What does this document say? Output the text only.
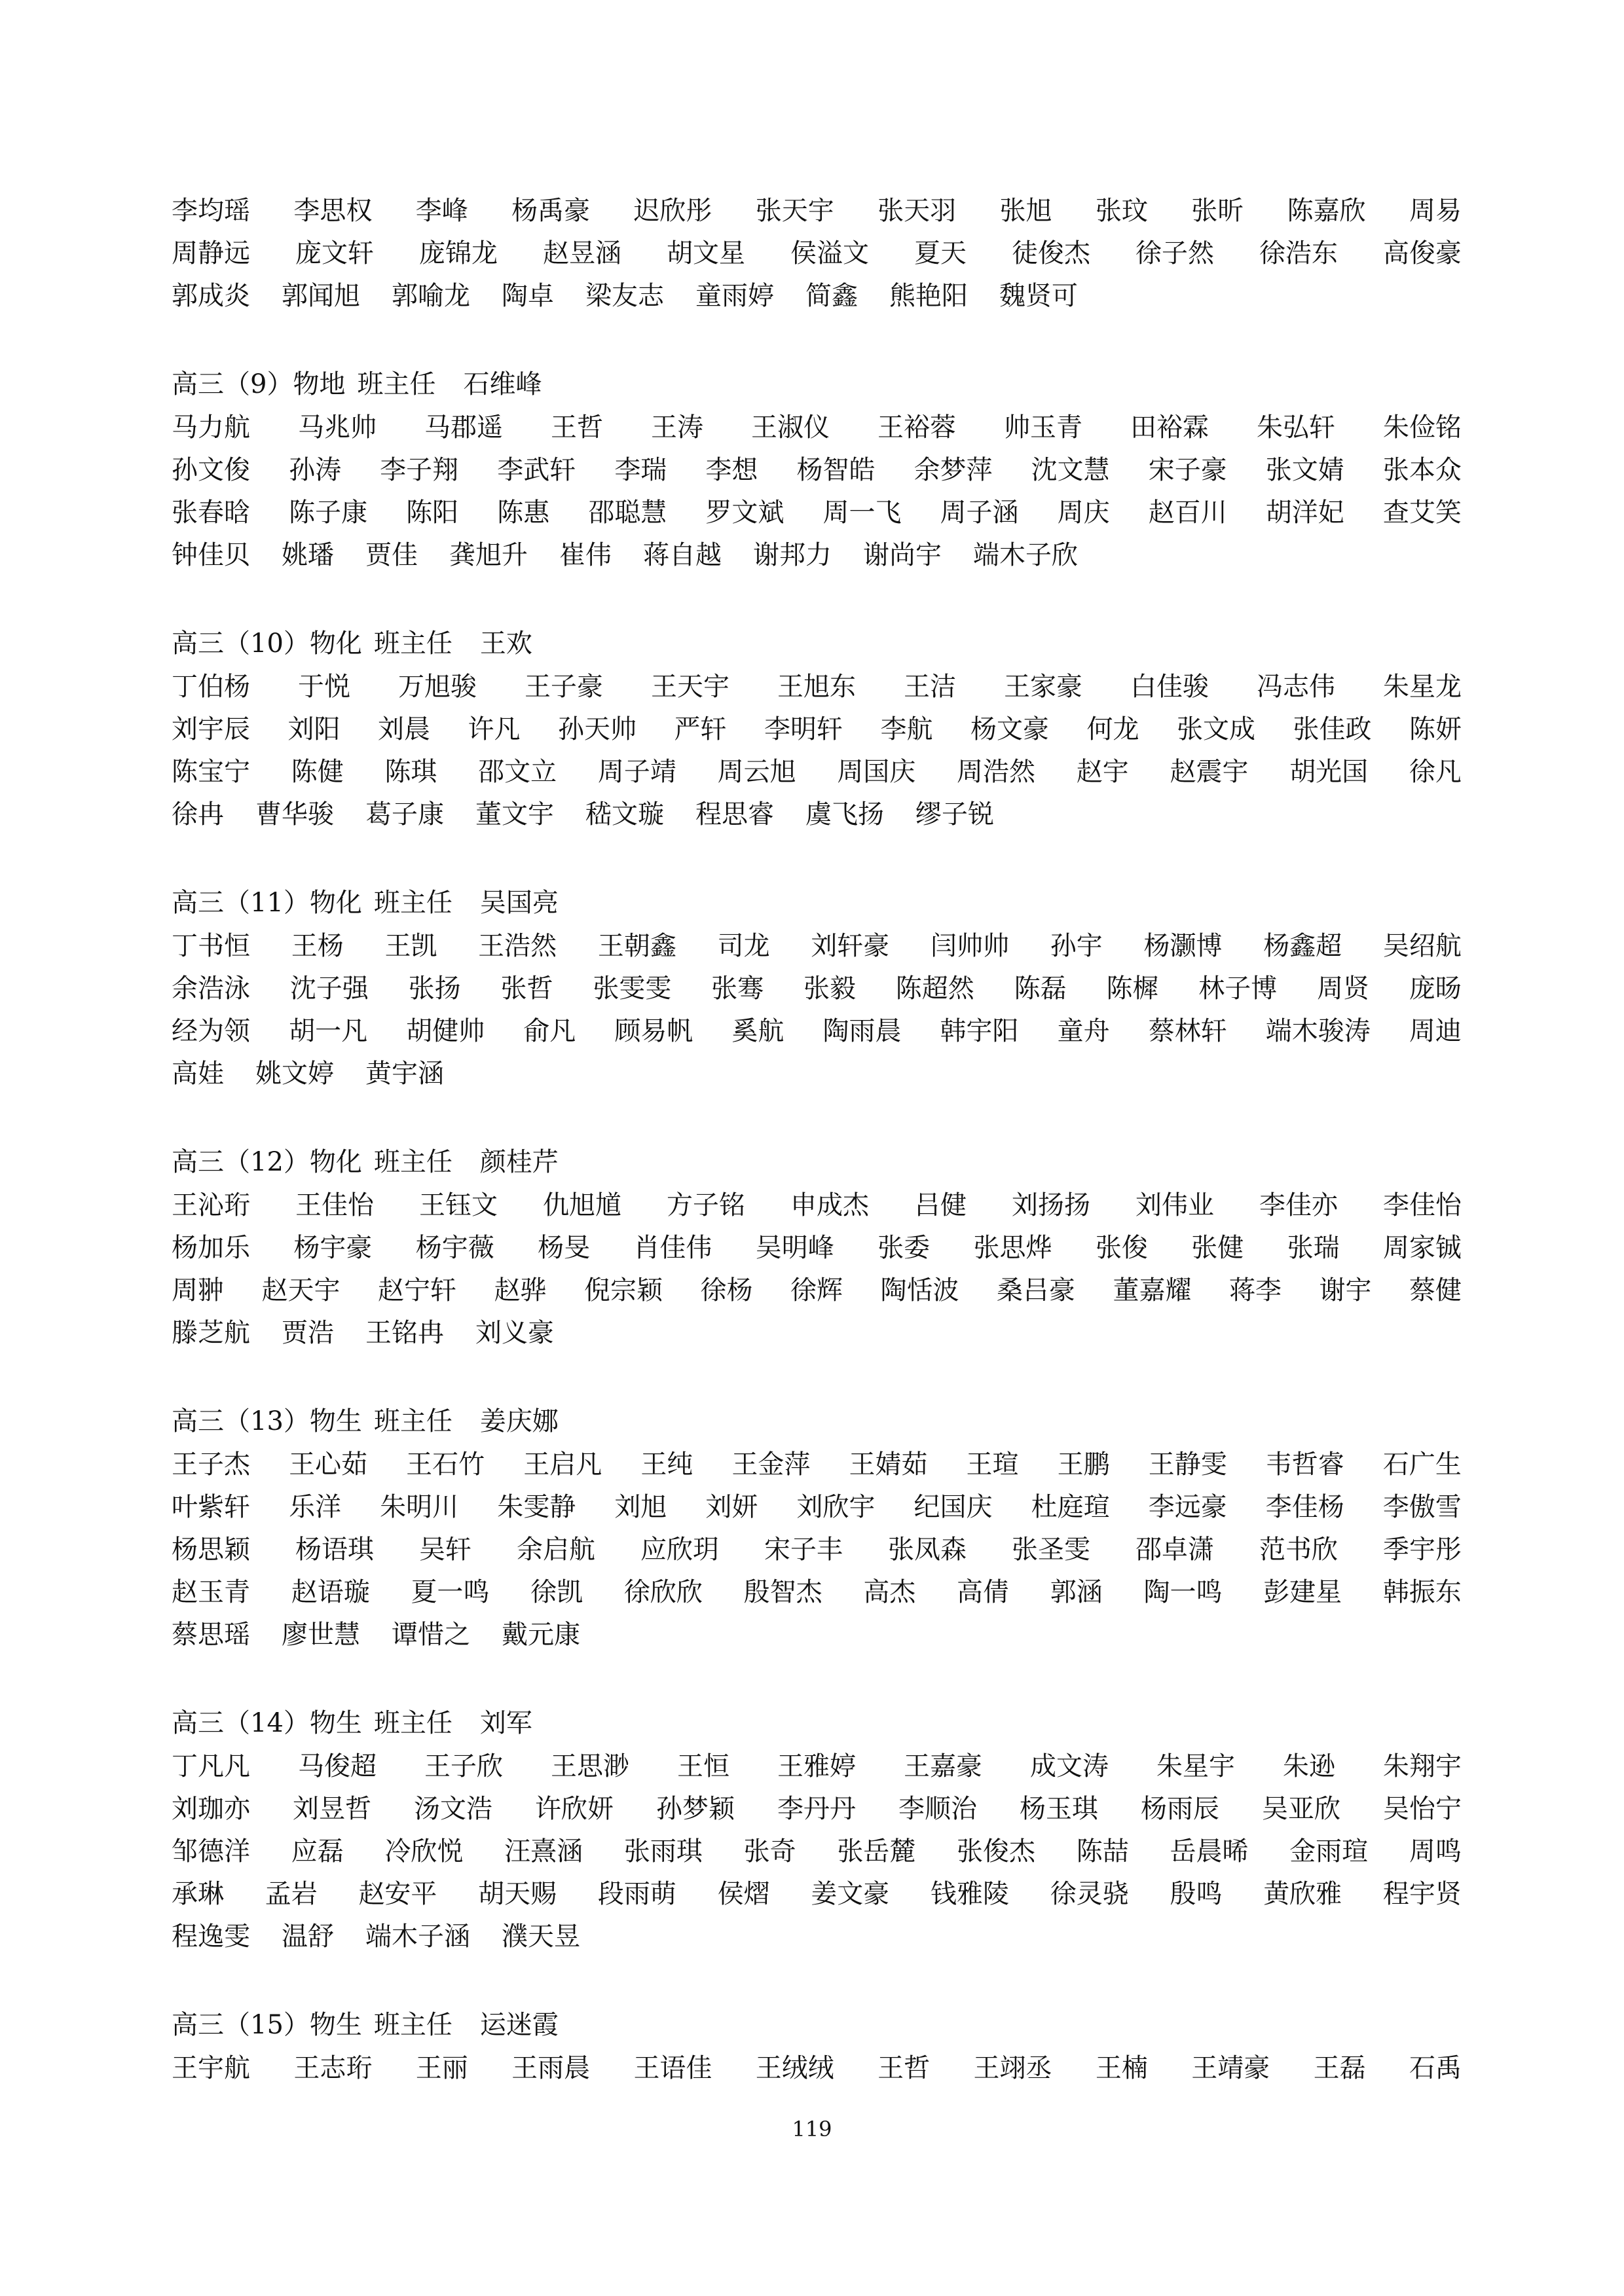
李均瑶 李思权 李峰 杨禹豪 迟欣彤 张天宇 张天羽 张旭 张玟 张昕 陈嘉欣 周易
周静远 庞文轩 庞锦龙 赵昱涵 胡文星 侯溢文 夏天 徒俊杰 徐子然 徐浩东 高俊豪
郭成炎 郭闻旭 郭喻龙 陶卓 梁友志 童雨婷 简鑫 熊艳阳 魏贤可
高三（9）物地 班主任 石维峰
马力航 马兆帅 马郡遥 王哲 王涛 王淑仪 王裕蓉 帅玉青 田裕霖 朱弘轩 朱俭铭
孙文俊 孙涛 李子翔 李武轩 李瑞 李想 杨智皓 余梦萍 沈文慧 宋子豪 张文婧 张本众
张春晗 陈子康 陈阳 陈惠 邵聪慧 罗文斌 周一飞 周子涵 周庆 赵百川 胡洋妃 查艾笑
钟佳贝 姚璠 贾佳 龚旭升 崔伟 蒋自越 谢邦力 谢尚宇 端木子欣
高三（10）物化 班主任 王欢
丁伯杨 于悦 万旭骏 王子豪 王天宇 王旭东 王洁 王家豪 白佳骏 冯志伟 朱星龙
刘宇辰 刘阳 刘晨 许凡 孙天帅 严轩 李明轩 李航 杨文豪 何龙 张文成 张佳政 陈妍
陈宝宁 陈健 陈琪 邵文立 周子靖 周云旭 周国庆 周浩然 赵宇 赵震宇 胡光国 徐凡
徐冉 曹华骏 葛子康 董文宇 嵇文璇 程思睿 虞飞扬 缪子锐
高三（11）物化 班主任 吴国亮
丁书恒 王杨 王凯 王浩然 王朝鑫 司龙 刘轩豪 闫帅帅 孙宇 杨灏博 杨鑫超 吴绍航
余浩泳 沈子强 张扬 张哲 张雯雯 张骞 张毅 陈超然 陈磊 陈樨 林子博 周贤 庞旸
经为领 胡一凡 胡健帅 俞凡 顾易帆 奚航 陶雨晨 韩宇阳 童舟 蔡林轩 端木骏涛 周迪
高娃 姚文婷 黄宇涵
高三（12）物化 班主任 颜桂芹
王沁珩 王佳怡 王钰文 仇旭馗 方子铭 申成杰 吕健 刘扬扬 刘伟业 李佳亦 李佳怡
杨加乐 杨宇豪 杨宇薇 杨旻 肖佳伟 吴明峰 张委 张思烨 张俊 张健 张瑞 周家铖
周翀 赵天宇 赵宁轩 赵骅 倪宗颖 徐杨 徐辉 陶恬波 桑吕豪 董嘉耀 蒋李 谢宇 蔡健
滕芝航 贾浩 王铭冉 刘义豪
高三（13）物生 班主任 姜庆娜
王子杰 王心茹 王石竹 王启凡 王纯 王金萍 王婧茹 王瑄 王鹏 王静雯 韦哲睿 石广生
叶紫轩 乐洋 朱明川 朱雯静 刘旭 刘妍 刘欣宇 纪国庆 杜庭瑄 李远豪 李佳杨 李傲雪
杨思颖 杨语琪 吴轩 余启航 应欣玥 宋子丰 张凤森 张圣雯 邵卓潇 范书欣 季宇彤
赵玉青 赵语璇 夏一鸣 徐凯 徐欣欣 殷智杰 高杰 高倩 郭涵 陶一鸣 彭建星 韩振东
蔡思瑶 廖世慧 谭惜之 戴元康
高三（14）物生 班主任 刘军
丁凡凡 马俊超 王子欣 王思渺 王恒 王雅婷 王嘉豪 成文涛 朱星宇 朱逊 朱翔宇
刘珈亦 刘昱哲 汤文浩 许欣妍 孙梦颖 李丹丹 李顺治 杨玉琪 杨雨辰 吴亚欣 吴怡宁
邹德洋 应磊 冷欣悦 汪熹涵 张雨琪 张奇 张岳麓 张俊杰 陈喆 岳晨晞 金雨瑄 周鸣
承琳 孟岩 赵安平 胡天赐 段雨萌 侯熠 姜文豪 钱雅陵 徐灵骁 殷鸣 黄欣雅 程宇贤
程逸雯 温舒 端木子涵 濮天昱
高三（15）物生 班主任 运迷霞
王宇航 王志珩 王丽 王雨晨 王语佳 王绒绒 王哲 王翊丞 王楠 王靖豪 王磊 石禹
119
